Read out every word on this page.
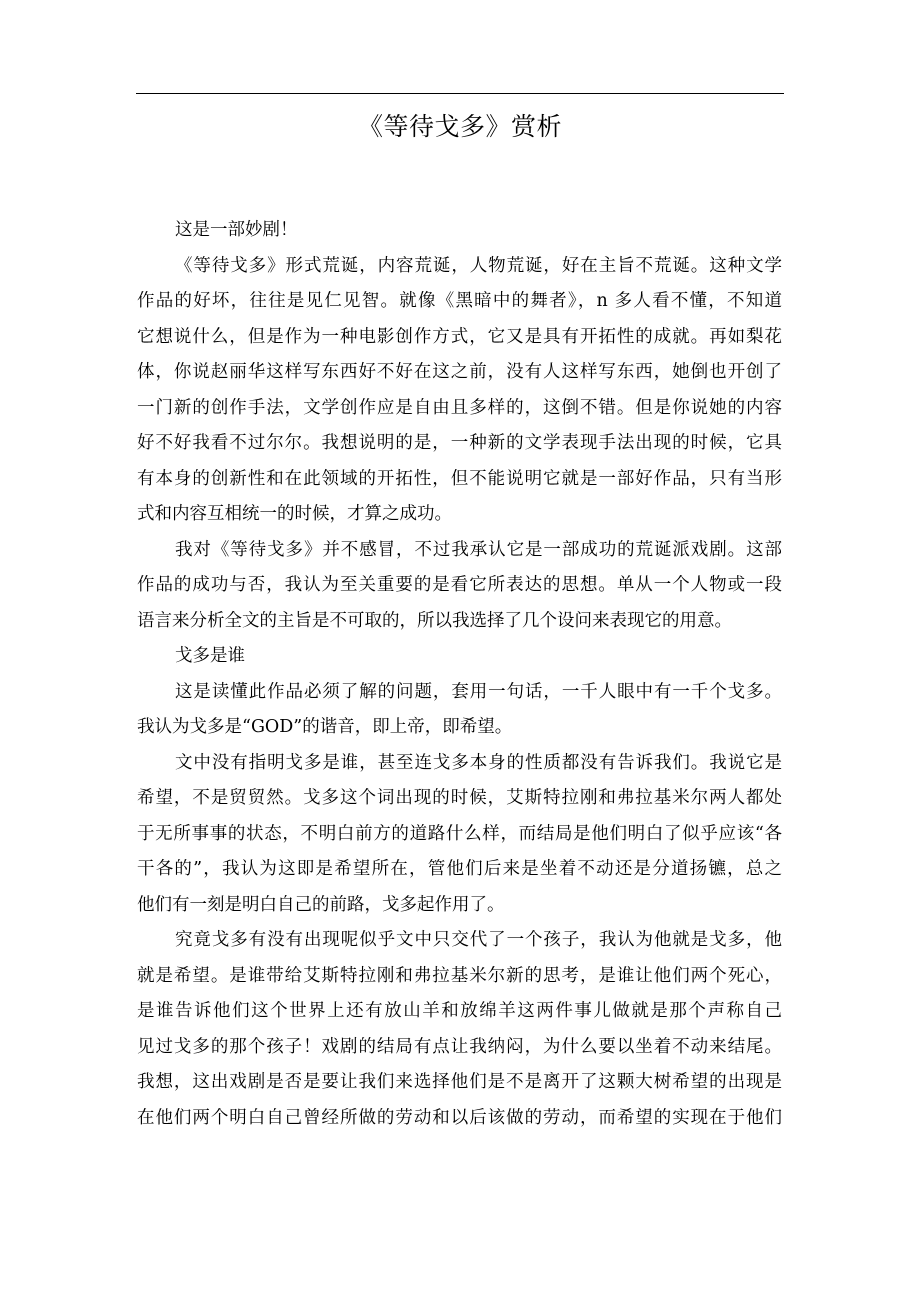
《等待戈多》赏析
这是一部妙剧！
《等待戈多》形式荒诞，内容荒诞，人物荒诞，好在主旨不荒诞。这种文学
作品的好坏，往往是见仁见智。就像《黑暗中的舞者》，n 多人看不懂，不知道
它想说什么，但是作为一种电影创作方式，它又是具有开拓性的成就。再如梨花
体，你说赵丽华这样写东西好不好在这之前，没有人这样写东西，她倒也开创了
一门新的创作手法，文学创作应是自由且多样的，这倒不错。但是你说她的内容
好不好我看不过尔尔。我想说明的是，一种新的文学表现手法出现的时候，它具
有本身的创新性和在此领域的开拓性，但不能说明它就是一部好作品，只有当形
式和内容互相统一的时候，才算之成功。
我对《等待戈多》并不感冒，不过我承认它是一部成功的荒诞派戏剧。这部
作品的成功与否，我认为至关重要的是看它所表达的思想。单从一个人物或一段
语言来分析全文的主旨是不可取的，所以我选择了几个设问来表现它的用意。
戈多是谁
这是读懂此作品必须了解的问题，套用一句话，一千人眼中有一千个戈多。
我认为戈多是“GOD”的谐音，即上帝，即希望。
文中没有指明戈多是谁，甚至连戈多本身的性质都没有告诉我们。我说它是
希望，不是贸贸然。戈多这个词出现的时候，艾斯特拉刚和弗拉基米尔两人都处
于无所事事的状态，不明白前方的道路什么样，而结局是他们明白了似乎应该“各
干各的”，我认为这即是希望所在，管他们后来是坐着不动还是分道扬镳，总之
他们有一刻是明白自己的前路，戈多起作用了。
究竟戈多有没有出现呢似乎文中只交代了一个孩子，我认为他就是戈多，他
就是希望。是谁带给艾斯特拉刚和弗拉基米尔新的思考，是谁让他们两个死心，
是谁告诉他们这个世界上还有放山羊和放绵羊这两件事儿做就是那个声称自己
见过戈多的那个孩子！戏剧的结局有点让我纳闷，为什么要以坐着不动来结尾。
我想，这出戏剧是否是要让我们来选择他们是不是离开了这颗大树希望的出现是
在他们两个明白自己曾经所做的劳动和以后该做的劳动，而希望的实现在于他们
